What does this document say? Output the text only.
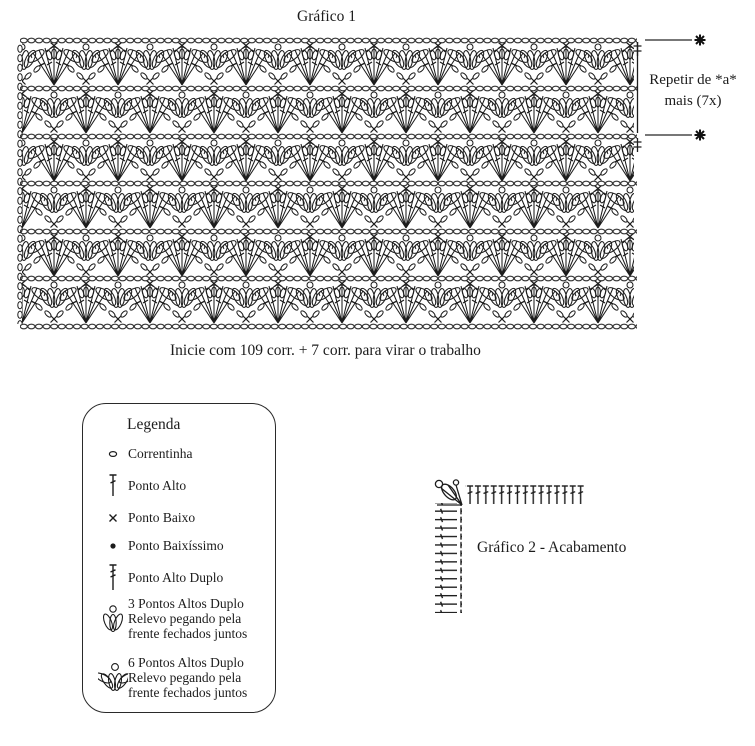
Gráfico 1
Inicie com 109 corr. + 7 corr. para virar o trabalho
Repetir de *a*
mais (7x)
Legenda
Correntinha
Ponto Alto
Ponto Baixo
Ponto Baixíssimo
Ponto Alto Duplo
3 Pontos Altos Duplo Relevo pegando pela frente fechados juntos
6 Pontos Altos Duplo Relevo pegando pela frente fechados juntos
Gráfico 2 - Acabamento
